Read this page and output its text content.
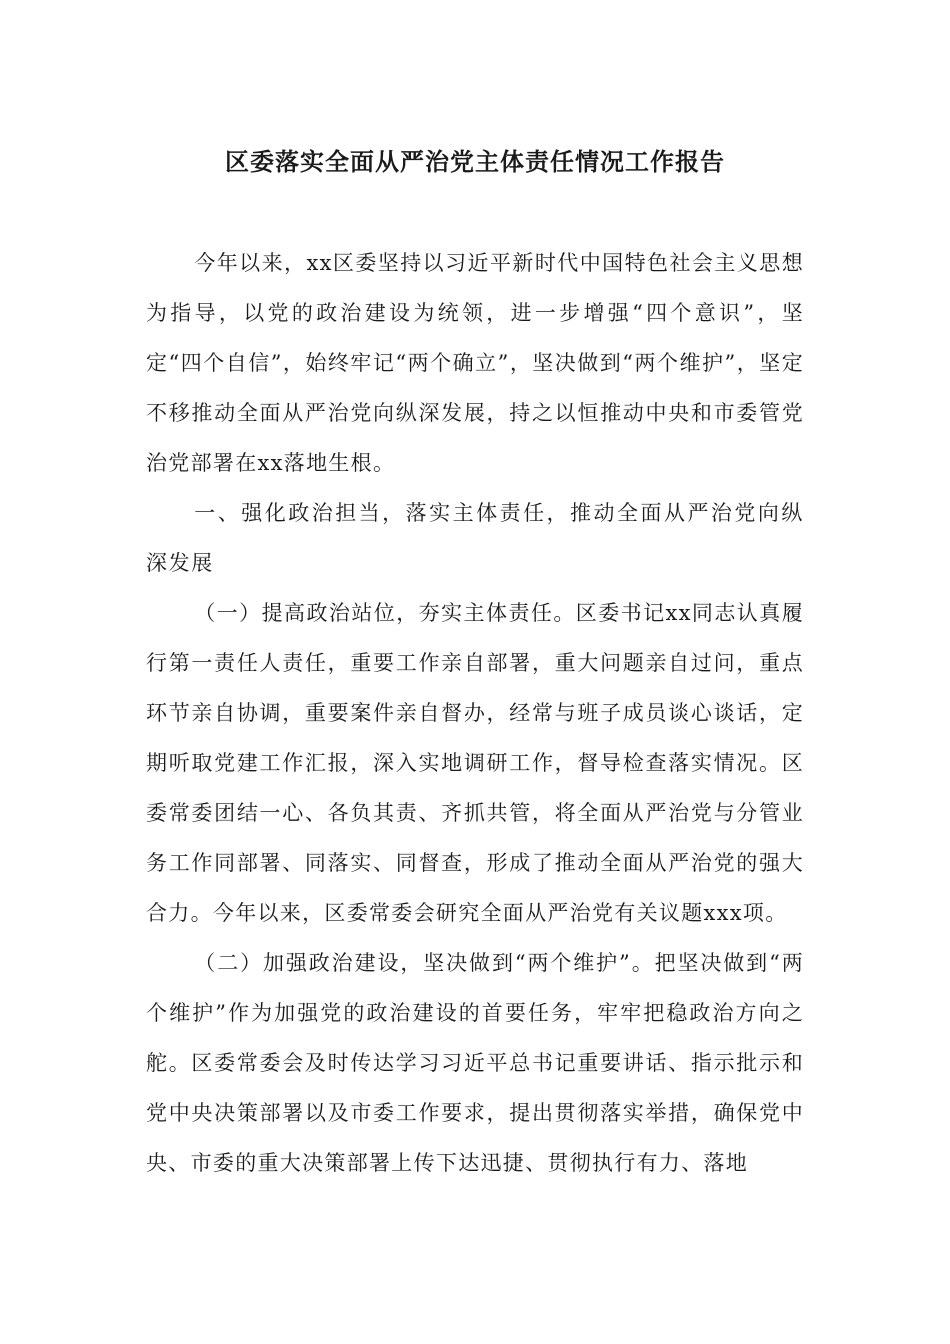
区委落实全面从严治党主体责任情况工作报告

今年以来，xx区委坚持以习近平新时代中国特色社会主义思想为指导，以党的政治建设为统领，进一步增强“四个意识”，坚定“四个自信”，始终牢记“两个确立”，坚决做到“两个维护”，坚定不移推动全面从严治党向纵深发展，持之以恒推动中央和市委管党治党部署在xx落地生根。

一、强化政治担当，落实主体责任，推动全面从严治党向纵深发展

（一）提高政治站位，夯实主体责任。区委书记xx同志认真履行第一责任人责任，重要工作亲自部署，重大问题亲自过问，重点环节亲自协调，重要案件亲自督办，经常与班子成员谈心谈话，定期听取党建工作汇报，深入实地调研工作，督导检查落实情况。区委常委团结一心、各负其责、齐抓共管，将全面从严治党与分管业务工作同部署、同落实、同督查，形成了推动全面从严治党的强大合力。今年以来，区委常委会研究全面从严治党有关议题xxx项。

（二）加强政治建设，坚决做到“两个维护”。把坚决做到“两个维护”作为加强党的政治建设的首要任务，牢牢把稳政治方向之舵。区委常委会及时传达学习习近平总书记重要讲话、指示批示和党中央决策部署以及市委工作要求，提出贯彻落实举措，确保党中央、市委的重大决策部署上传下达迅捷、贯彻执行有力、落地
